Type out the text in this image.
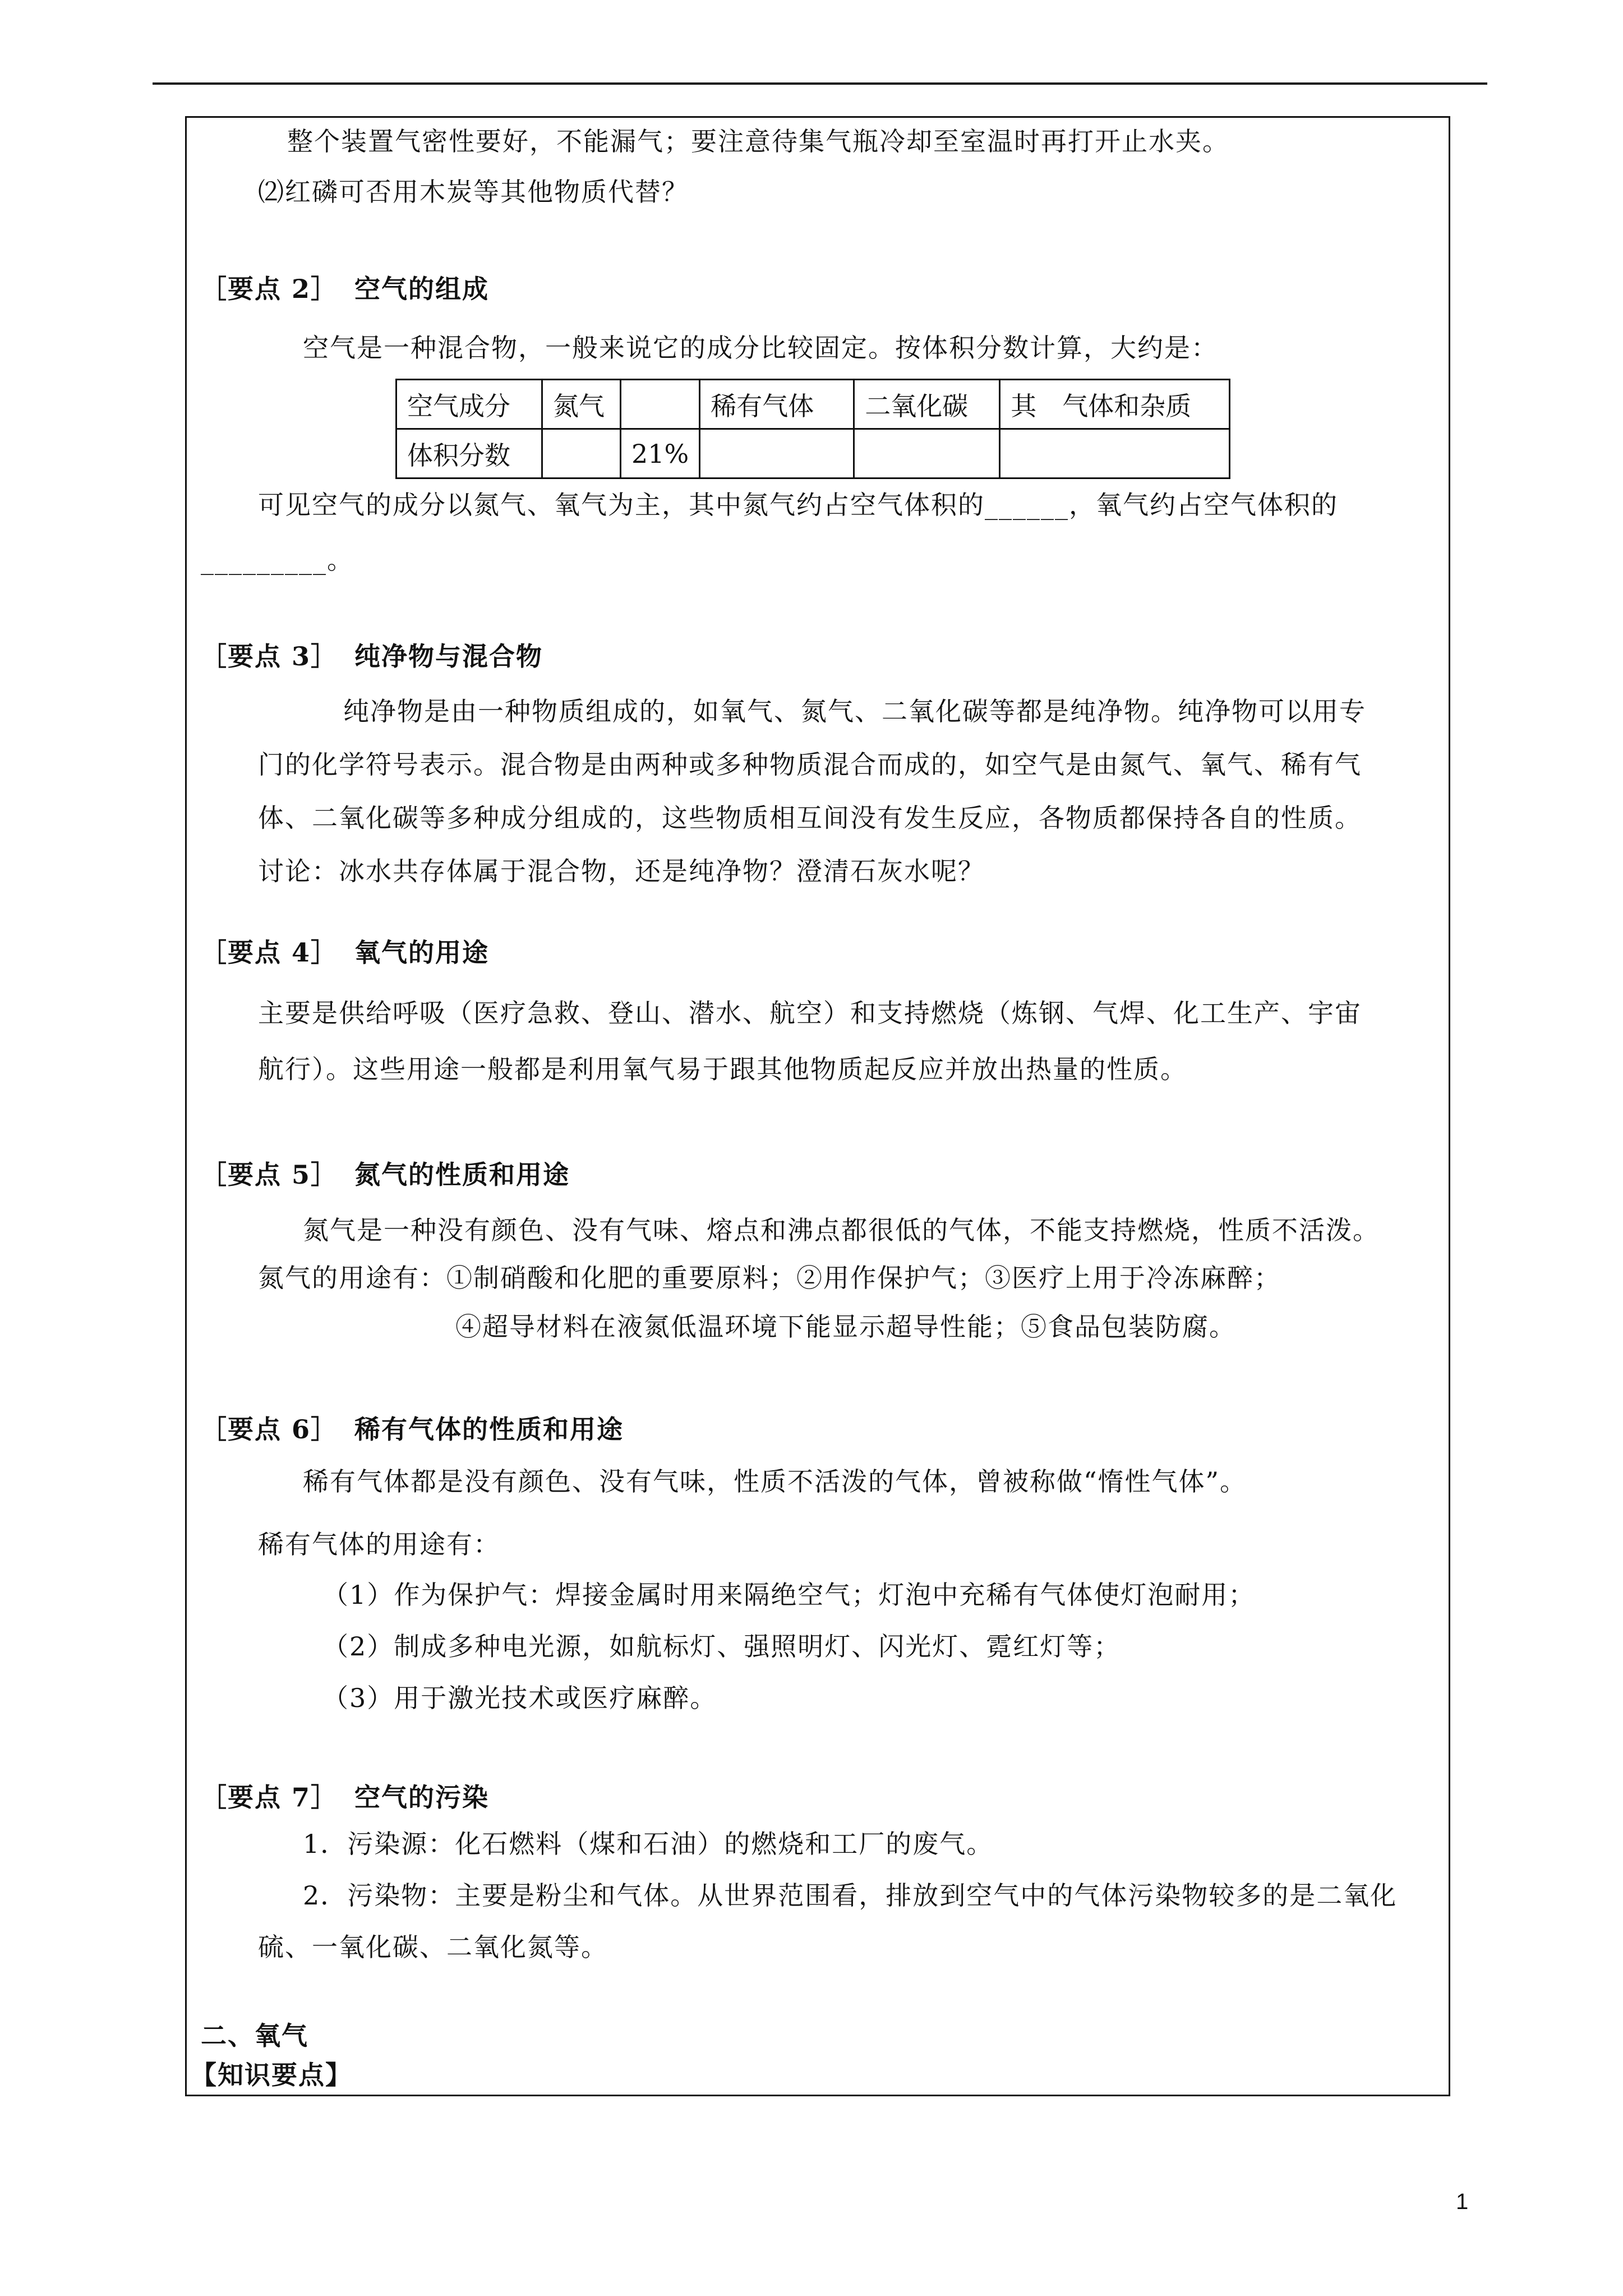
整个装置气密性要好，不能漏气；要注意待集气瓶冷却至室温时再打开止水夹。
⑵红磷可否用木炭等其他物质代替？
［要点 2］ 空气的组成
空气是一种混合物，一般来说它的成分比较固定。按体积分数计算，大约是：
空气成分	氮气		稀有气体	二氧化碳	其　气体和杂质
体积分数		21%			
可见空气的成分以氮气、氧气为主，其中氮气约占空气体积的______，氧气约占空气体积的
_________。
［要点 3］ 纯净物与混合物
纯净物是由一种物质组成的，如氧气、氮气、二氧化碳等都是纯净物。纯净物可以用专
门的化学符号表示。混合物是由两种或多种物质混合而成的，如空气是由氮气、氧气、稀有气
体、二氧化碳等多种成分组成的，这些物质相互间没有发生反应，各物质都保持各自的性质。
讨论：冰水共存体属于混合物，还是纯净物？澄清石灰水呢？
［要点 4］ 氧气的用途
主要是供给呼吸（医疗急救、登山、潜水、航空）和支持燃烧（炼钢、气焊、化工生产、宇宙
航行）。这些用途一般都是利用氧气易于跟其他物质起反应并放出热量的性质。
［要点 5］ 氮气的性质和用途
氮气是一种没有颜色、没有气味、熔点和沸点都很低的气体，不能支持燃烧，性质不活泼。
氮气的用途有：①制硝酸和化肥的重要原料；②用作保护气；③医疗上用于冷冻麻醉；
④超导材料在液氮低温环境下能显示超导性能；⑤食品包装防腐。
［要点 6］ 稀有气体的性质和用途
稀有气体都是没有颜色、没有气味，性质不活泼的气体，曾被称做“惰性气体”。
稀有气体的用途有：
（1）作为保护气：焊接金属时用来隔绝空气；灯泡中充稀有气体使灯泡耐用；
（2）制成多种电光源，如航标灯、强照明灯、闪光灯、霓红灯等；
（3）用于激光技术或医疗麻醉。
［要点 7］ 空气的污染
1．污染源：化石燃料（煤和石油）的燃烧和工厂的废气。
2．污染物：主要是粉尘和气体。从世界范围看，排放到空气中的气体污染物较多的是二氧化
硫、一氧化碳、二氧化氮等。
二、氧气
【知识要点】
1
